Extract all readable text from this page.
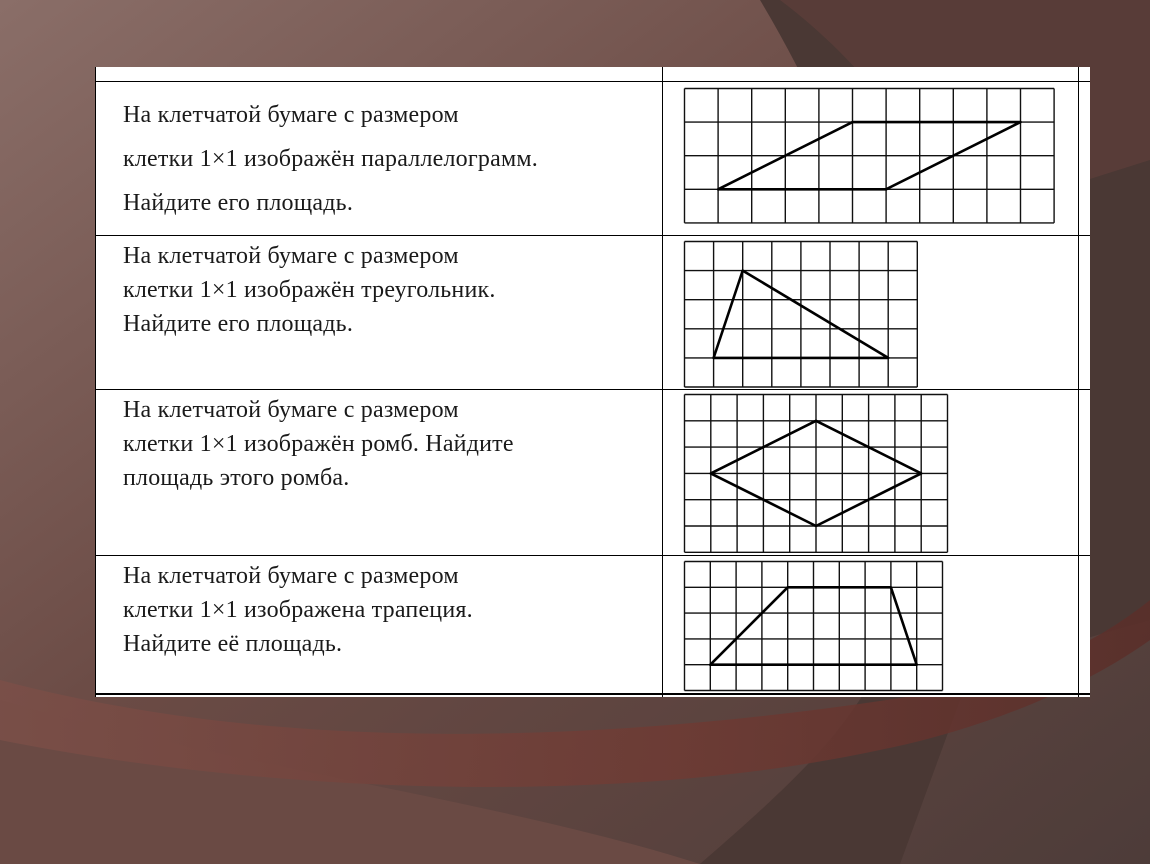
На клетчатой бумаге с размером
клетки 1×1 изображён параллелограмм.
Найдите его площадь.
На клетчатой бумаге с размером
клетки 1×1 изображён треугольник.
Найдите его площадь.
На клетчатой бумаге с размером
клетки 1×1 изображён ромб. Найдите
площадь этого ромба.
На клетчатой бумаге с размером
клетки 1×1 изображена трапеция.
Найдите её площадь.
